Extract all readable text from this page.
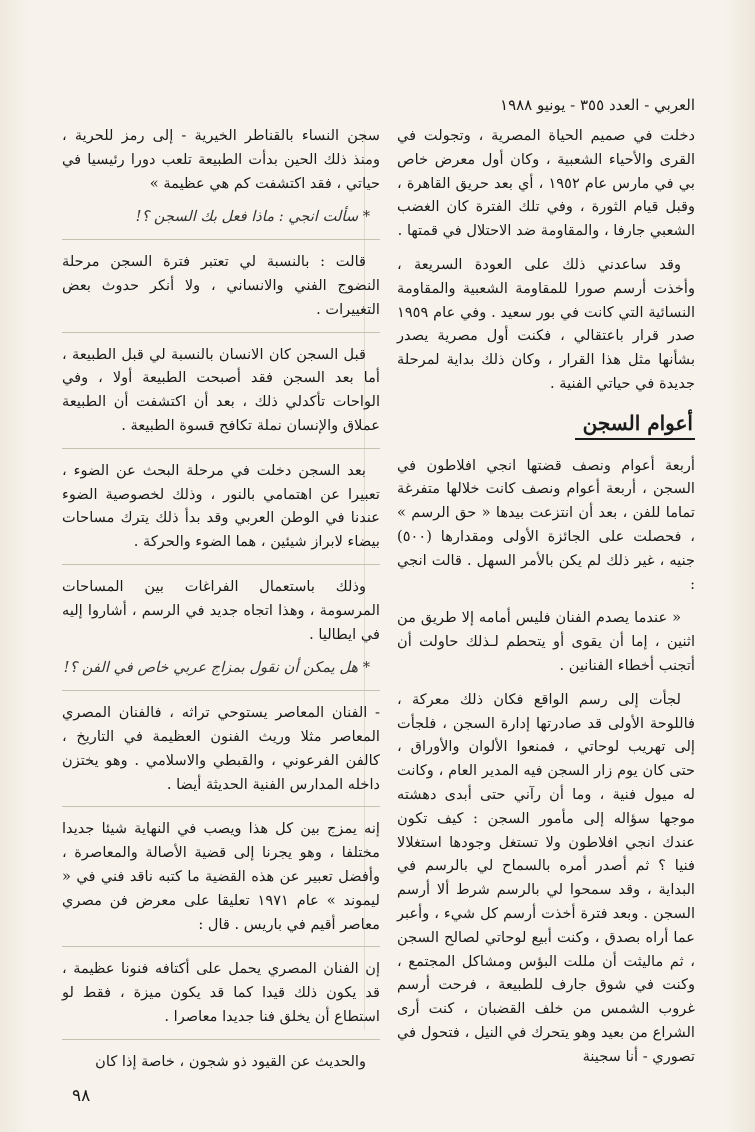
العربي - العدد ٣٥٥ - يونيو ١٩٨٨

دخلت في صميم الحياة المصرية ، وتجولت في القرى والأحياء الشعبية ، وكان أول معرض خاص بي في مارس عام ١٩٥٢ ، أي بعد حريق القاهرة ، وقبل قيام الثورة ، وفي تلك الفترة كان الغضب الشعبي جارفا ، والمقاومة ضد الاحتلال في قمتها .

وقد ساعدني ذلك على العودة السريعة ، وأخذت أرسم صورا للمقاومة الشعبية والمقاومة النسائية التي كانت في بور سعيد . وفي عام ١٩٥٩ صدر قرار باعتقالي ، فكنت أول مصرية يصدر بشأنها مثل هذا القرار ، وكان ذلك بداية لمرحلة جديدة في حياتي الفنية .

أعوام السجن

أربعة أعوام ونصف قضتها انجي افلاطون في السجن ، أربعة أعوام ونصف كانت خلالها متفرغة تماما للفن ، بعد أن انتزعت بيدها « حق الرسم » ، فحصلت على الجائزة الأولى ومقدارها (٥٠٠) جنيه ، غير ذلك لم يكن بالأمر السهل . قالت انجي :

« عندما يصدم الفنان فليس أمامه إلا طريق من اثنين ، إما أن يقوى أو يتحطم لـذلك حاولت أن أتجنب أخطاء الفنانين .

لجأت إلى رسم الواقع فكان ذلك معركة ، فاللوحة الأولى قد صادرتها إدارة السجن ، فلجأت إلى تهريب لوحاتي ، فمنعوا الألوان والأوراق ، حتى كان يوم زار السجن فيه المدير العام ، وكانت له ميول فنية ، وما أن رآني حتى أبدى دهشته موجها سؤاله إلى مأمور السجن : كيف تكون عندك انجي افلاطون ولا تستغل وجودها استغلالا فنيا ؟ ثم أصدر أمره بالسماح لي بالرسم في البداية ، وقد سمحوا لي بالرسم شرط ألا أرسم السجن . وبعد فترة أخذت أرسم كل شيء ، وأعبر عما أراه بصدق ، وكنت أبيع لوحاتي لصالح السجن ، ثم ماليثت أن مللت البؤس ومشاكل المجتمع ، وكنت في شوق جارف للطبيعة ، فرحت أرسم غروب الشمس من خلف القضبان ، كنت أرى الشراع من بعيد وهو يتحرك في النيل ، فتحول في تصوري - أنا سجينة

سجن النساء بالقناطر الخيرية - إلى رمز للحرية ، ومنذ ذلك الحين بدأت الطبيعة تلعب دورا رئيسيا في حياتي ، فقد اكتشفت كم هي عظيمة »

* سألت انجي : ماذا فعل بك السجن ؟!

قالت : بالنسبة لي تعتبر فترة السجن مرحلة النضوج الفني والانساني ، ولا أنكر حدوث بعض التغييرات .

قبل السجن كان الانسان بالنسبة لي قبل الطبيعة ، أما بعد السجن فقد أصبحت الطبيعة أولا ، وفي الواحات تأكدلي ذلك ، بعد أن اكتشفت أن الطبيعة عملاق والإنسان نملة تكافح قسوة الطبيعة .

بعد السجن دخلت في مرحلة البحث عن الضوء ، تعبيرا عن اهتمامي بالنور ، وذلك لخصوصية الضوء عندنا في الوطن العربي وقد بدأ ذلك يترك مساحات بيضاء لابراز شيئين ، هما الضوء والحركة .

وذلك باستعمال الفراغات بين المساحات المرسومة ، وهذا اتجاه جديد في الرسم ، أشاروا إليه في ايطاليا .

* هل يمكن أن نقول بمزاج عربي خاص في الفن ؟!

- الفنان المعاصر يستوحي تراثه ، فالفنان المصري المعاصر مثلا وريث الفنون العظيمة في التاريخ ، كالفن الفرعوني ، والقبطي والاسلامي . وهو يختزن داخله المدارس الفنية الحديثة أيضا .

إنه يمزج بين كل هذا ويصب في النهاية شيئا جديدا مختلفا ، وهو يجرنا إلى قضية الأصالة والمعاصرة ، وأفضل تعبير عن هذه القضية ما كتبه ناقد فني في « ليموند » عام ١٩٧١ تعليقا على معرض فن مصري معاصر أقيم في باريس . قال :

إن الفنان المصري يحمل على أكتافه فنونا عظيمة ، قد يكون ذلك قيدا كما قد يكون ميزة ، فقط لو استطاع أن يخلق فنا جديدا معاصرا .

والحديث عن القيود ذو شجون ، خاصة إذا كان

٩٨
